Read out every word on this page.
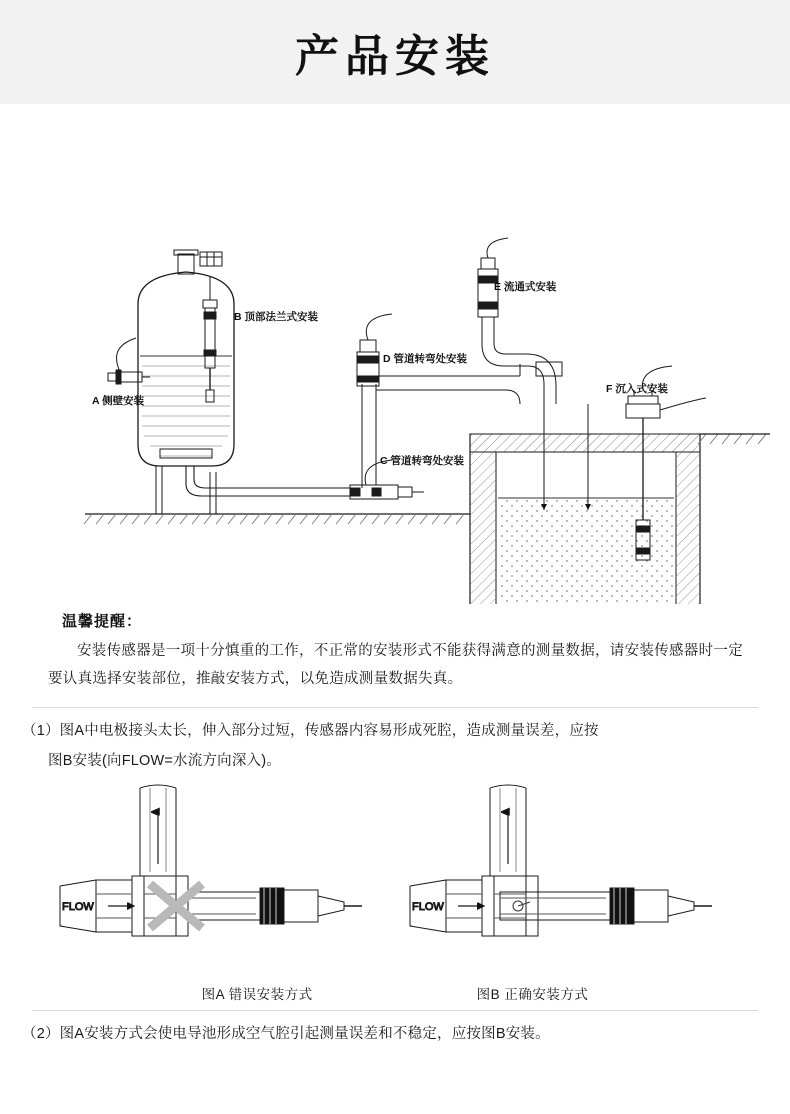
产品安装
A 侧壁安装
B 顶部法兰式安装
C 管道转弯处安装
D 管道转弯处安装
E 流通式安装
F 沉入式安装
温馨提醒：

安装传感器是一项十分慎重的工作，不正常的安装形式不能获得满意的测量数据，请安装传感器时一定要认真选择安装部位，推敲安装方式，以免造成测量数据失真。

（1）图A中电极接头太长，伸入部分过短，传感器内容易形成死腔，造成测量误差，应按
图B安装(向FLOW=水流方向深入)。
FLOW	FLOW
图A 错误安装方式	图B 正确安装方式
（2）图A安装方式会使电导池形成空气腔引起测量误差和不稳定，应按图B安装。
